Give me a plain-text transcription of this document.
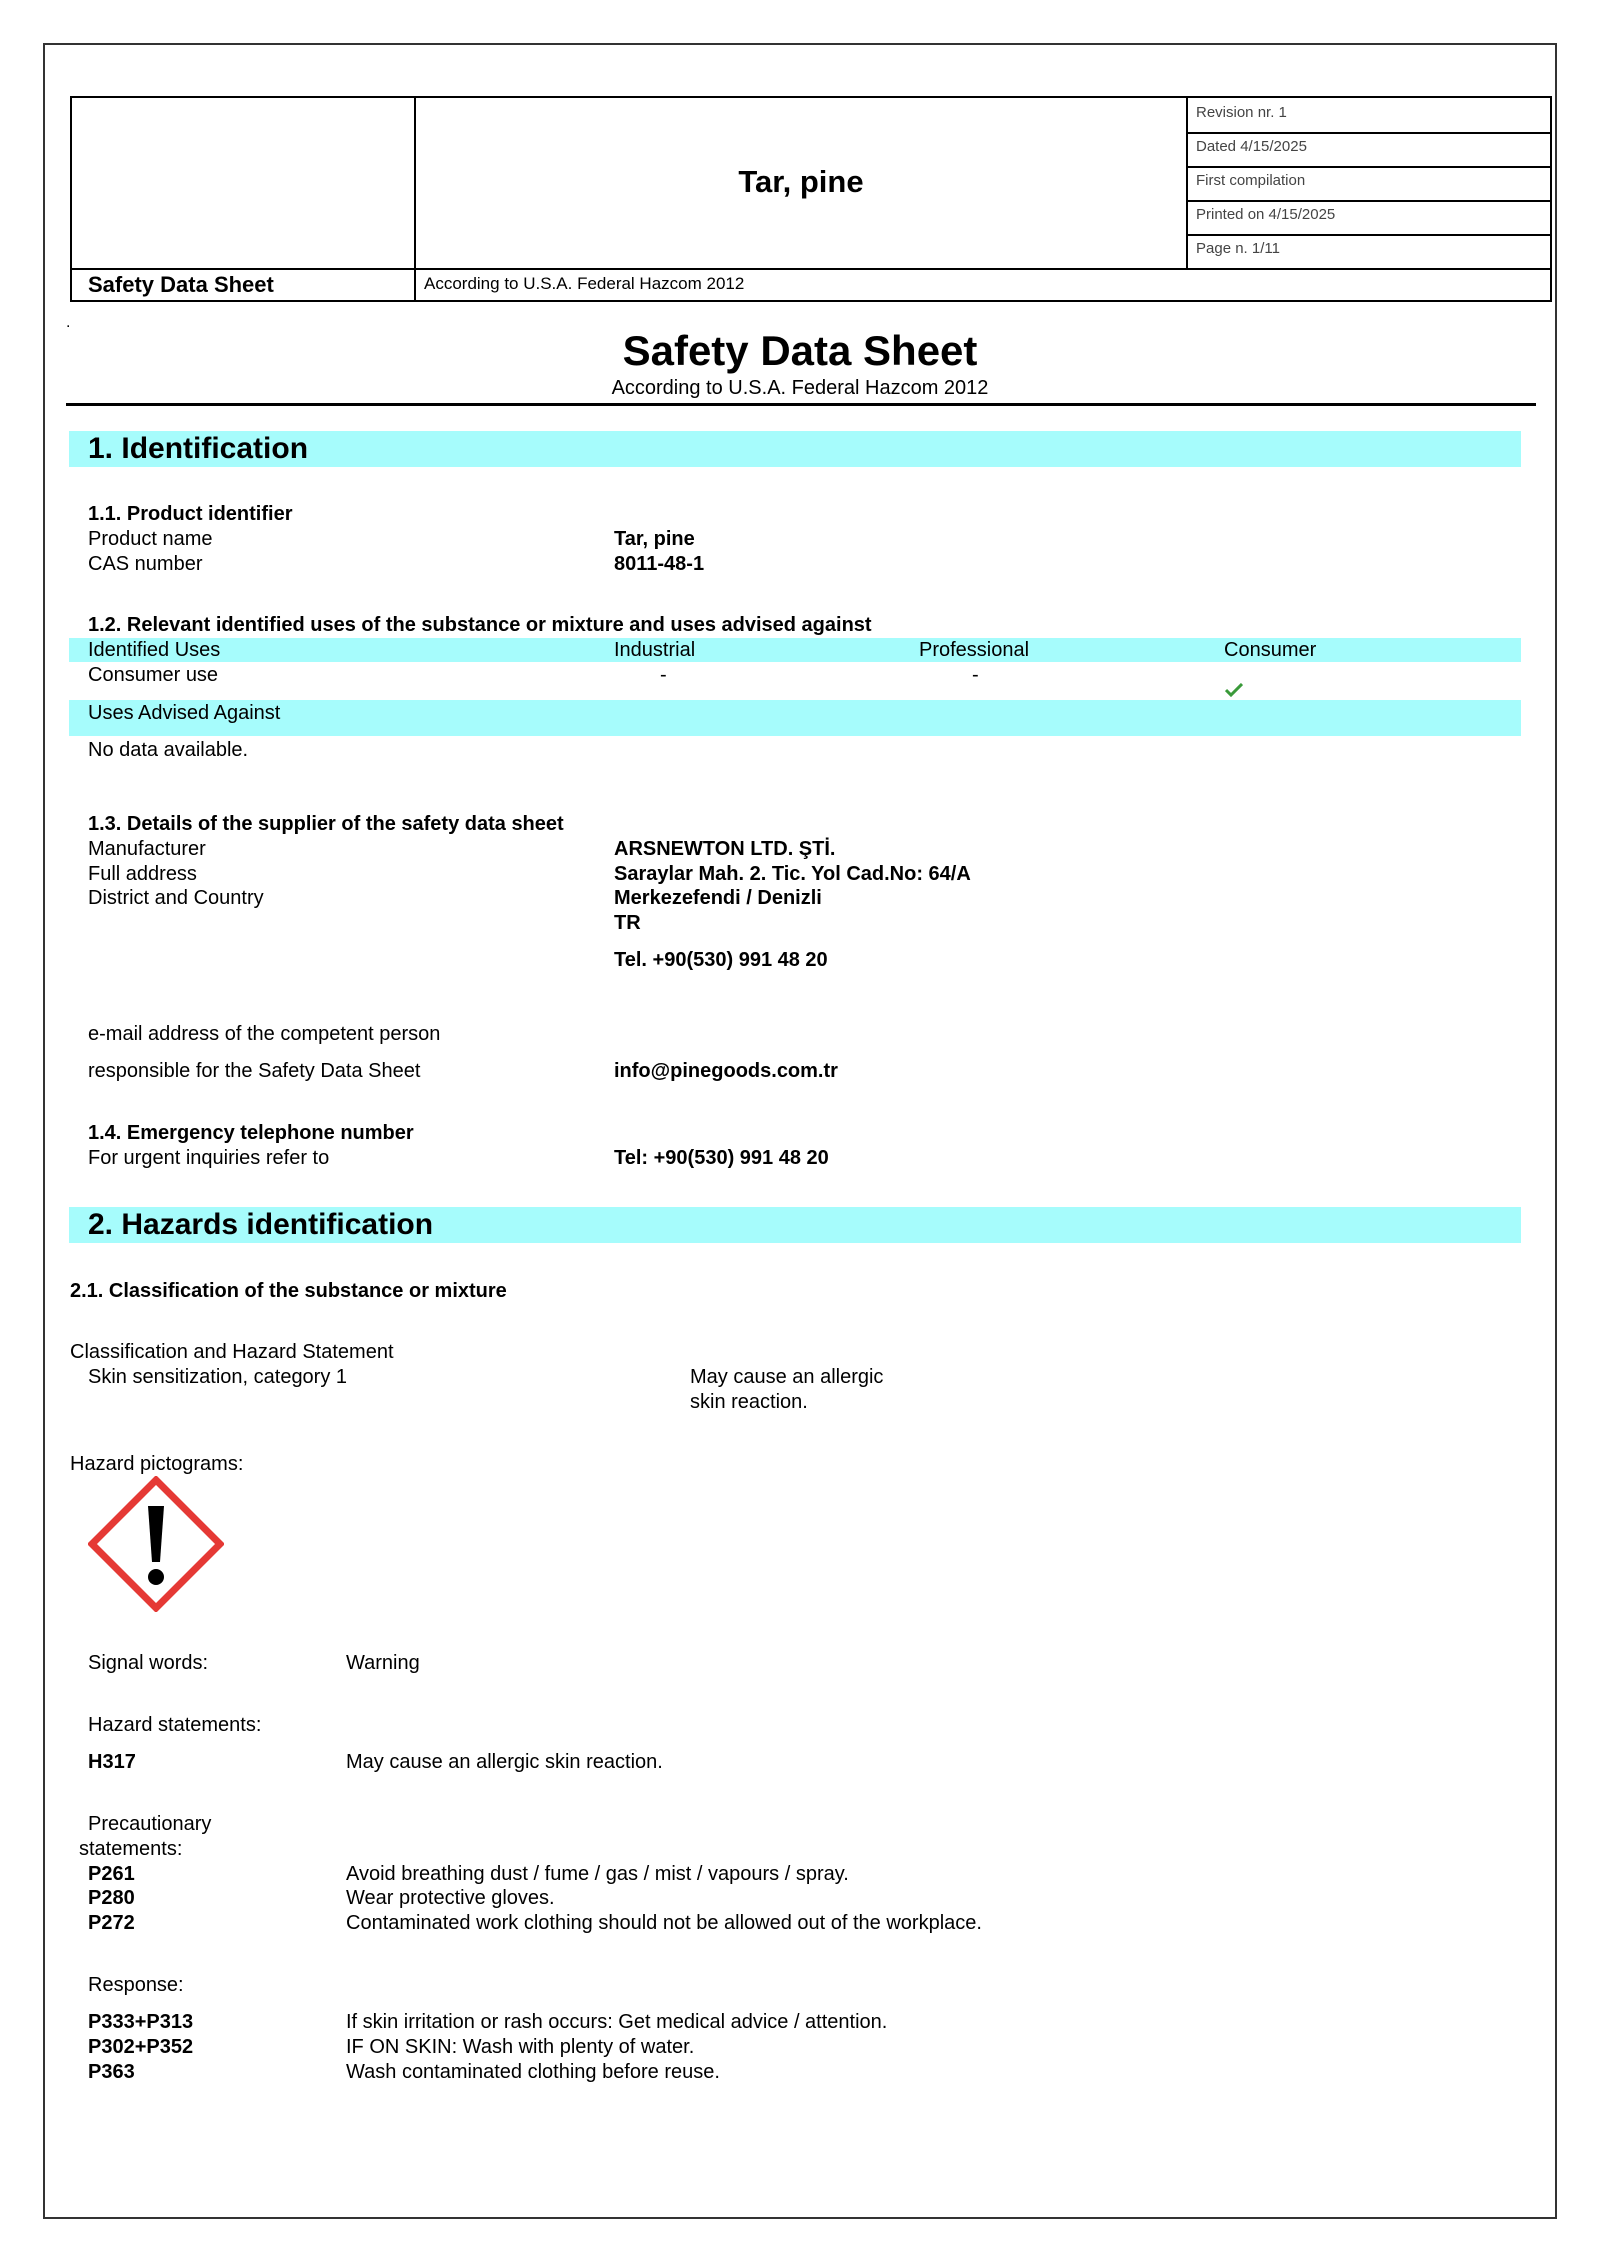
Tar, pine
Revision nr. 1
Dated 4/15/2025
First compilation
Printed on 4/15/2025
Page n. 1/11
Safety Data Sheet	According to U.S.A. Federal Hazcom 2012
.
Safety Data Sheet
According to U.S.A. Federal Hazcom 2012
1. Identification
1.1. Product identifier
Product name	Tar, pine
CAS number	8011-48-1
1.2. Relevant identified uses of the substance or mixture and uses advised against
Identified Uses	Industrial	Professional	Consumer
Consumer use	-	-
Uses Advised Against
No data available.
1.3. Details of the supplier of the safety data sheet
Manufacturer	ARSNEWTON LTD. ŞTİ.
Full address	Saraylar Mah. 2. Tic. Yol Cad.No: 64/A
District and Country	Merkezefendi / Denizli
TR
Tel. +90(530) 991 48 20
e-mail address of the competent person
responsible for the Safety Data Sheet	info@pinegoods.com.tr
1.4. Emergency telephone number
For urgent inquiries refer to	Tel: +90(530) 991 48 20
2. Hazards identification
2.1. Classification of the substance or mixture
Classification and Hazard Statement
Skin sensitization, category 1	May cause an allergic
skin reaction.
Hazard pictograms:
Signal words:	Warning
Hazard statements:
H317	May cause an allergic skin reaction.
Precautionary
statements:
P261	Avoid breathing dust / fume / gas / mist / vapours / spray.
P280	Wear protective gloves.
P272	Contaminated work clothing should not be allowed out of the workplace.
Response:
P333+P313	If skin irritation or rash occurs: Get medical advice / attention.
P302+P352	IF ON SKIN: Wash with plenty of water.
P363	Wash contaminated clothing before reuse.
